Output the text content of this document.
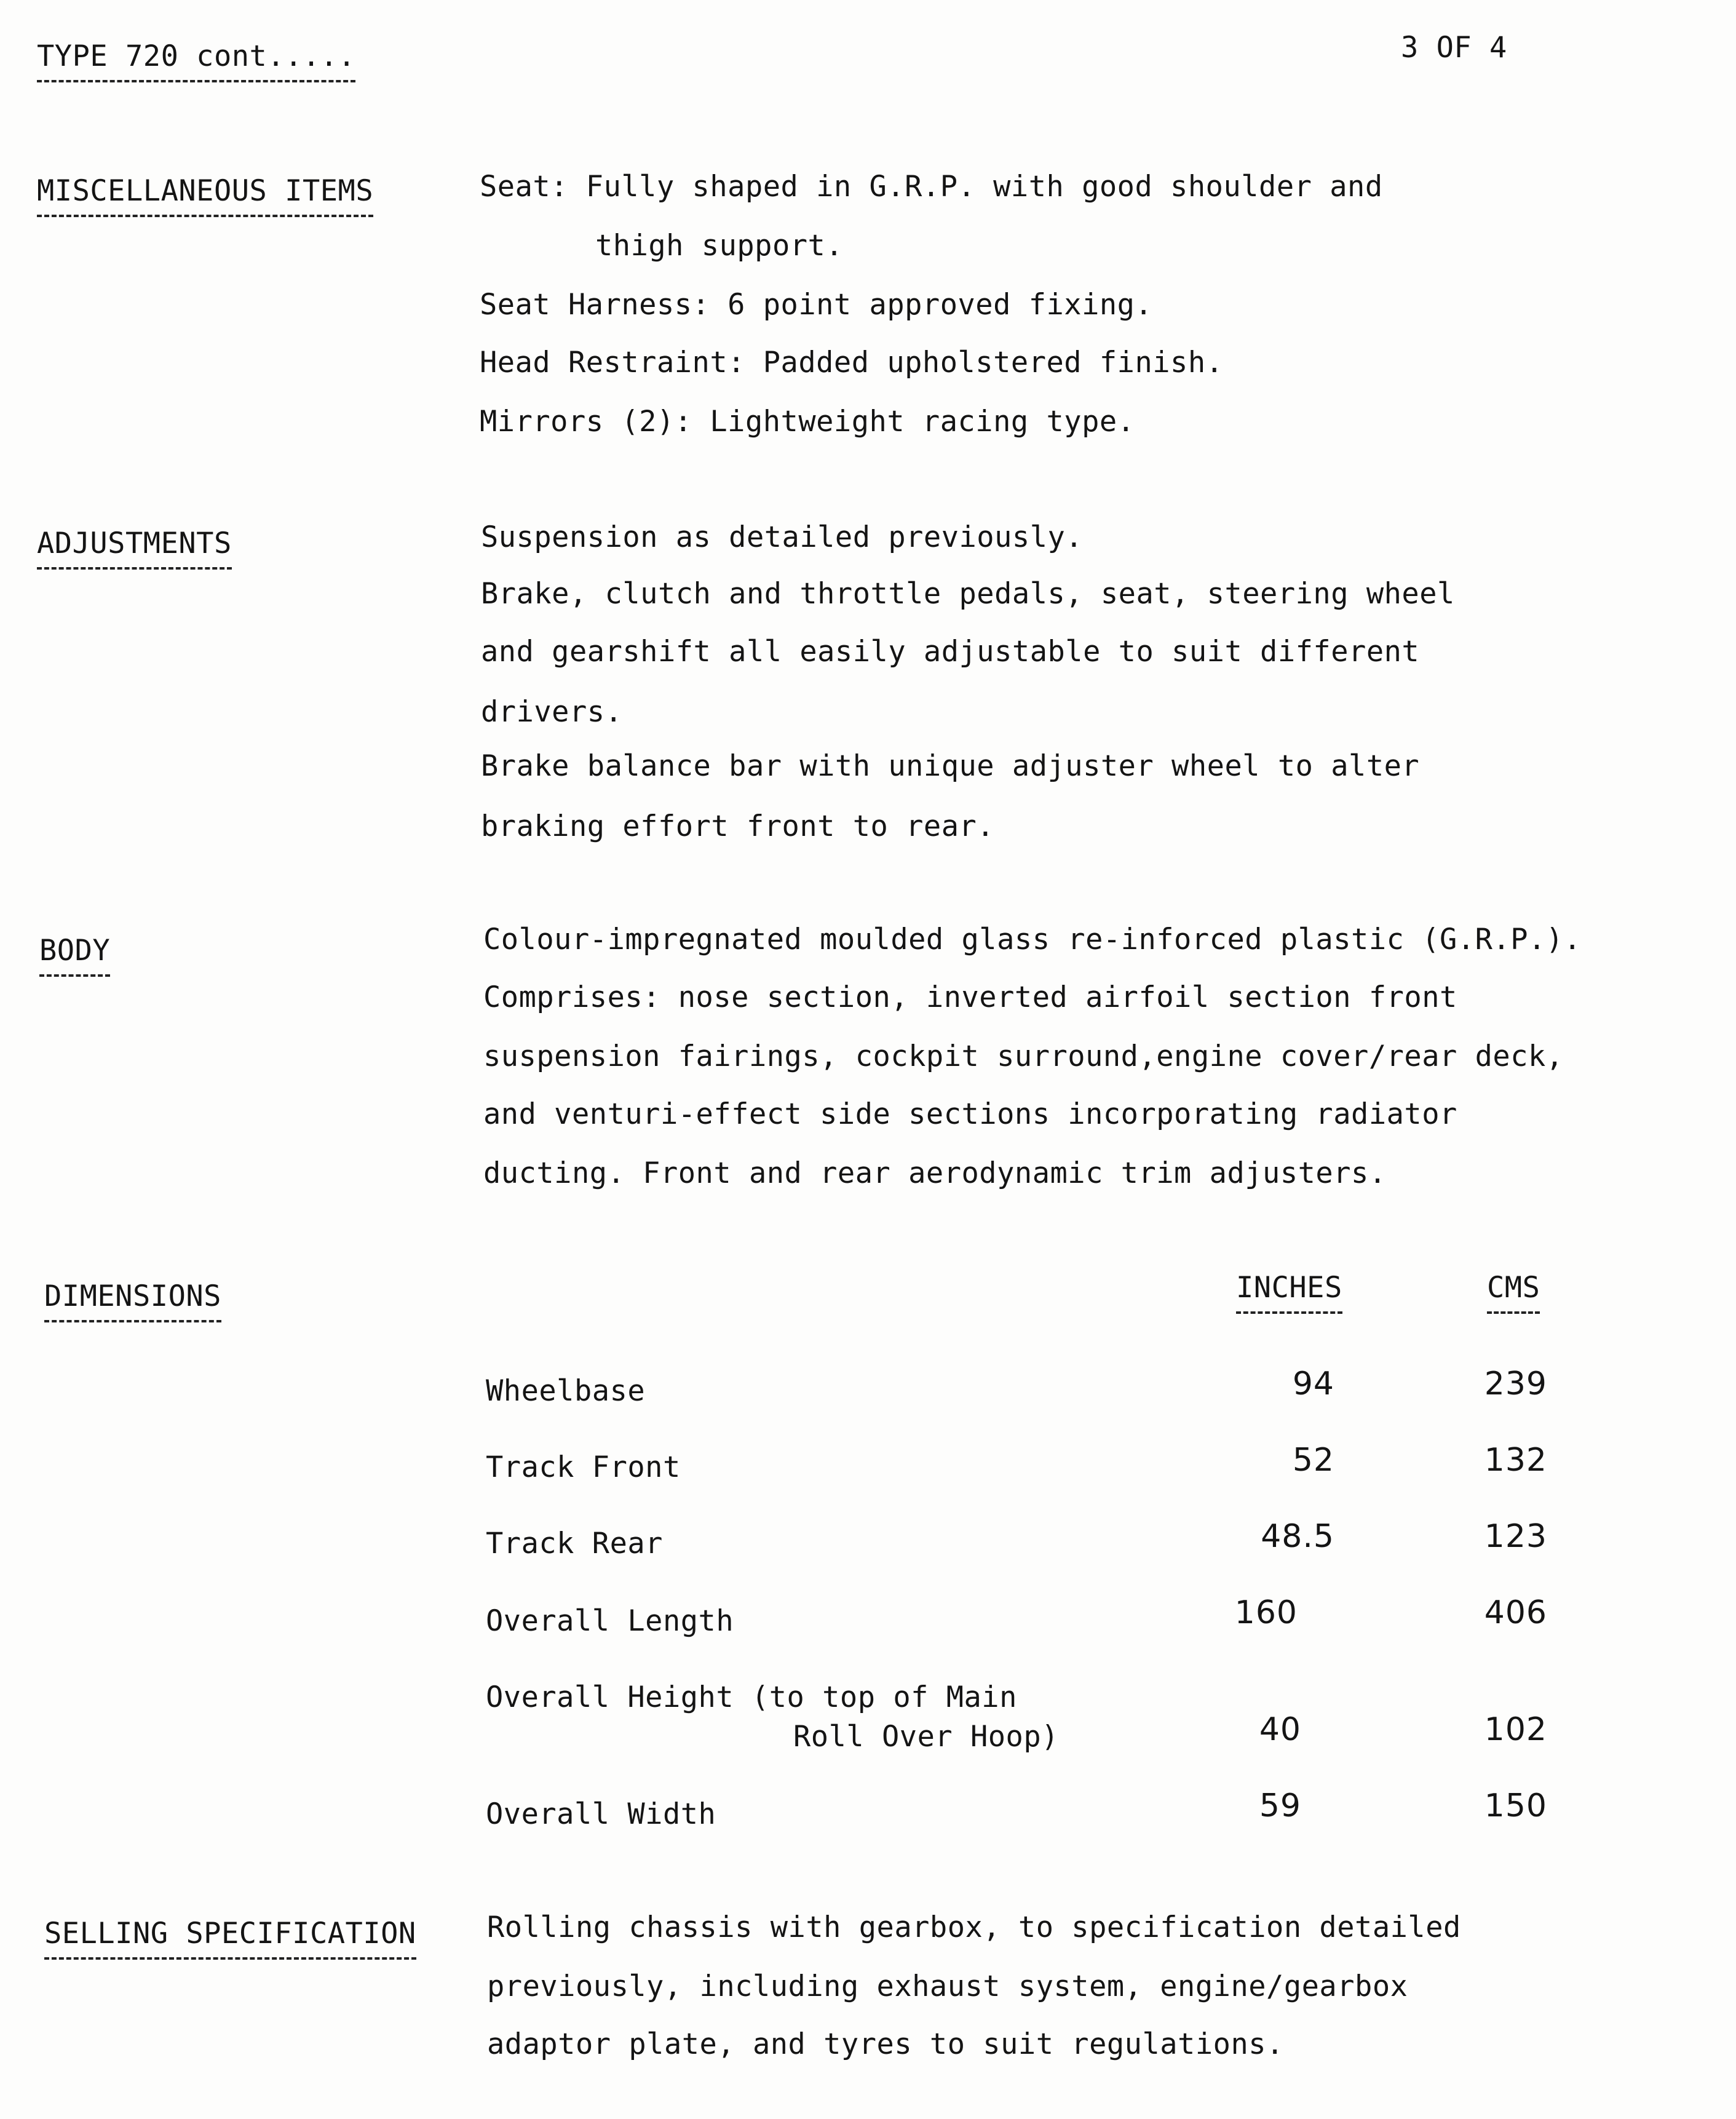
TYPE 720 cont.....	3 OF 4
MISCELLANEOUS ITEMS	Seat: Fully shaped in G.R.P. with good shoulder and
thigh support.
Seat Harness: 6 point approved fixing.
Head Restraint: Padded upholstered finish.
Mirrors (2): Lightweight racing type.
ADJUSTMENTS	Suspension as detailed previously.
Brake, clutch and throttle pedals, seat, steering wheel
and gearshift all easily adjustable to suit different
drivers.
Brake balance bar with unique adjuster wheel to alter
braking effort front to rear.
BODY	Colour-impregnated moulded glass re-inforced plastic (G.R.P.).
Comprises: nose section, inverted airfoil section front
suspension fairings, cockpit surround,engine cover/rear deck,
and venturi-effect side sections incorporating radiator
ducting. Front and rear aerodynamic trim adjusters.
DIMENSIONS	INCHES	CMS
Wheelbase	94	239
Track Front	52	132
Track Rear	48.5	123
Overall Length	160	406
Overall Height (to top of Main
Roll Over Hoop)	40	102
Overall Width	59	150
SELLING SPECIFICATION Rolling chassis with gearbox, to specification detailed
previously, including exhaust system, engine/gearbox
adaptor plate, and tyres to suit regulations.
